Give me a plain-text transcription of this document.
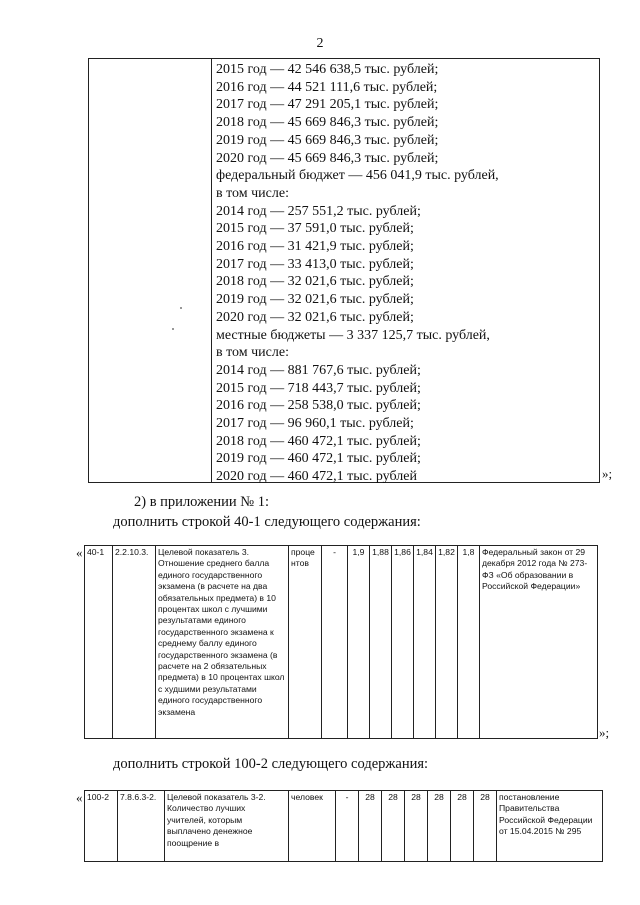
2
2015 год — 42 546 638,5 тыс. рублей;
2016 год — 44 521 111,6 тыс. рублей;
2017 год — 47 291 205,1 тыс. рублей;
2018 год — 45 669 846,3 тыс. рублей;
2019 год — 45 669 846,3 тыс. рублей;
2020 год — 45 669 846,3 тыс. рублей;
федеральный бюджет — 456 041,9 тыс. рублей,
в том числе:
2014 год — 257 551,2 тыс. рублей;
2015 год — 37 591,0 тыс. рублей;
2016 год — 31 421,9 тыс. рублей;
2017 год — 33 413,0 тыс. рублей;
2018 год — 32 021,6 тыс. рублей;
2019 год — 32 021,6 тыс. рублей;
2020 год — 32 021,6 тыс. рублей;
местные бюджеты — 3 337 125,7 тыс. рублей,
в том числе:
2014 год — 881 767,6 тыс. рублей;
2015 год — 718 443,7 тыс. рублей;
2016 год — 258 538,0 тыс. рублей;
2017 год — 96 960,1 тыс. рублей;
2018 год — 460 472,1 тыс. рублей;
2019 год — 460 472,1 тыс. рублей;
2020 год — 460 472,1 тыс. рублей	»;
2) в приложении № 1:
дополнить строкой 40-1 следующего содержания:
« 40-1	2.2.10.3.	Целевой показатель 3. Отношение среднего балла единого государственного экзамена (в расчете на два обязательных предмета) в 10 процентах школ с лучшими результатами единого государственного экзамена к среднему баллу единого государственного экзамена (в расчете на 2 обязательных предмета) в 10 процентах школ с худшими результатами единого государственного экзамена	процентов	-	1,9	1,88	1,86	1,84	1,82	1,8	Федеральный закон от 29 декабря 2012 года № 273-ФЗ «Об образовании в Российской Федерации»
»;
дополнить строкой 100-2 следующего содержания:
« 100-2	7.8.6.3-2.	Целевой показатель 3-2. Количество лучших учителей, которым выплачено денежное поощрение в	человек	-	28	28	28	28	28	28	постановление Правительства Российской Федерации от 15.04.2015 № 295
